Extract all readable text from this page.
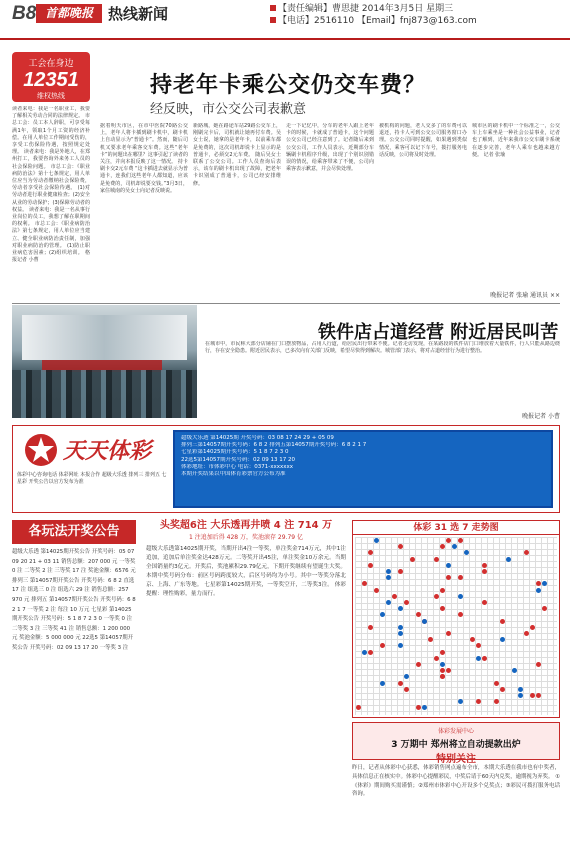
B8 首都晚报	热线新闻	【责任编辑】曹思捷 2014年3月5日 星期三
【电话】2516110 【Email】fnj873@163.com
工会在身边
12351
维权热线
读者来电：我是一名职业工，我要了解相关劳动合同的法律规定。 市总工会：员工本人辞职，可享受每满1年，领取1个月工资的经济补偿。在用人单位工作期间受伤的，享受工伤保险待遇，按照规定处理。 读者来电：我是外地人，在郑州打工，我要咨询外来务工人员的社会保险问题。 市总工会：《职业病防治法》第十七条规定，用人单位应当为劳动者缴纳社会保险费，劳动者享受社会保险待遇。 (1)对劳动者进行职业健康检查；(2)安全从业的劳动保护；(3)保障劳动者的权益。 读者来电：我是一名从事行业岗位的员工，我想了解在职期间的权利。 市总工会：《职业病防治法》第七条规定，用人单位应当建立、健全职业病防治责任制，加强对职业病防治的管理。 (1)防止职业病危害因素；(2)组织培训。 格报记者 小曹
持老年卡乘公交仍交车费？
经反映，市公交公司表歉意
据着明天市区，在市中医院70路公交上，老年人将卡插到刷卡机中，刷卡机上自动显示为“普通卡”。然而，随后司机又要求老年乘客交车费。这些“老年卡”的问题出在哪里？这事引起了读者的关注，并向本报反映了这一情况。 持卡刷卡交2元车费 “这卡插进去就显示为普通卡，连我们这些老年人都知道，应该是免费的，司机却说要交钱。”3月3日，家住城南的吴女士向记者反映说。
新路城，她在路途车站29路公交车上，刚刷完卡后，司机就让她再付车费。吴女士说，她拿的是老年卡，以前乘车都是免费的，这次司机却说卡上显示的是普通卡，必须交2元车费。 随后吴女士联系了公交公司。工作人员查询后表示，该车的刷卡机出现了故障，把老年卡识别成了普通卡，公司已经安排维修。
走一下记忆中，分车的老年人跟上老年卡的时候，卡就成了普通卡，这个问题公交公司已经注意到了。记者随后来到公交公司，工作人员表示，近期部分车辆刷卡机程序升级，出现了个别识别错误的情况，给乘客带来了不便，公司向乘客表示歉意，并会尽快处理。
被机构的问题，老人交多了的车费可以退还，持卡人可到公交公司服务窗口办理。公交公司同时提醒，如果遇到类似情况，乘客可以记下车号，拨打服务电话反映，公司将及时处理。
城市区的刷卡机中一个标准之一，公交车上车乘坐是一种社会公益事业，记者也了解到，近年来我市公交车刷卡系统在逐步完善，老年人乘车也越来越方便。 记者 张瑜
晚报记者 张瑜 通讯员 ××
铁件店占道经营 附近居民叫苦
在城市中，市民称大部分店铺在门口摆放物品，占用人行道，给居民出行带来不便。记者走访发现，在某路段的铁件店门口堆放着大量铁件，行人只能从路边绕行，存在安全隐患。附近居民表示，已多次向有关部门反映，希望尽快得到解决。城管部门表示，将对占道经营行为进行整治。
晚报记者 小曹
天天体彩
体彩中心咨询电话 体彩网址 本报合作 超级大乐透 排列三 排列五 七星彩 开奖公告以官方发布为准
超级大乐透 第14025期 开奖号码：03 08 17 24 29 + 05 09
排列三第14057期开奖号码：6 8 2 排列五第14057期开奖号码：6 8 2 1 7
七星彩第14025期开奖号码：5 1 8 7 2 3 0
22选5第14057期开奖号码：02 09 13 17 20
体彩地址：市体彩中心 电话：0371-xxxxxxx
本期开奖结果以中国体育彩票官方公布为准
各玩法开奖公告
超级大乐透 第14025期开奖公告 开奖号码：05 07 09 20 21 + 03 11 销售总额：207 000 元 一等奖 0 注 二等奖 2 注 三等奖 17 注 奖池金额：6576 元 排列三 第14057期开奖公告 开奖号码：6 8 2 直选 17 注 组选三 0 注 组选六 29 注 销售总额：257 970 元 排列五 第14057期开奖公告 开奖号码：6 8 2 1 7 一等奖 2 注 每注 10 万元 七星彩 第14025期开奖公告 开奖号码：5 1 8 7 2 3 0 一等奖 0 注 二等奖 3 注 三等奖 41 注 销售总额：1 200 000 元 奖池金额：5 000 000 元 22选5 第14057期开奖公告 开奖号码：02 09 13 17 20 一等奖 3 注
头奖超6注 大乐透再井喷 4 注 714 万
1 注追加后得 428 万，奖池滚存 29.79 亿
超级大乐透第14025期开奖，当期开出4注一等奖，单注奖金714万元，其中1注追加，追加后单注奖金达428万元。二等奖开出45注，单注奖金10万余元。当期全国销量约3亿元。开奖后，奖池累积29.79亿元，下期开奖继续有望诞生大奖。 本期中奖号码分布：前区号码跨度较大，后区号码均为小号。其中一等奖分落北京、上海、广东等地。 七星彩第14025期开奖，一等奖空开，二等奖3注。 体彩提醒：理性购彩，量力而行。
体彩 31 选 7 走势图
体彩发展中心
3 万期中 郑州将立自动提款出炉
特别关注
昨日，记者从体彩中心获悉，体彩销售网点遍布全市，本期大乐透在我市也有中奖者，具体信息正在核实中。体彩中心提醒彩民，中奖后请于60天内兑奖，逾期视为弃奖。 ①《体彩》期间购买需谨慎；②郑州市体彩中心开设多个兑奖点；③彩民可拨打服务电话咨询。
